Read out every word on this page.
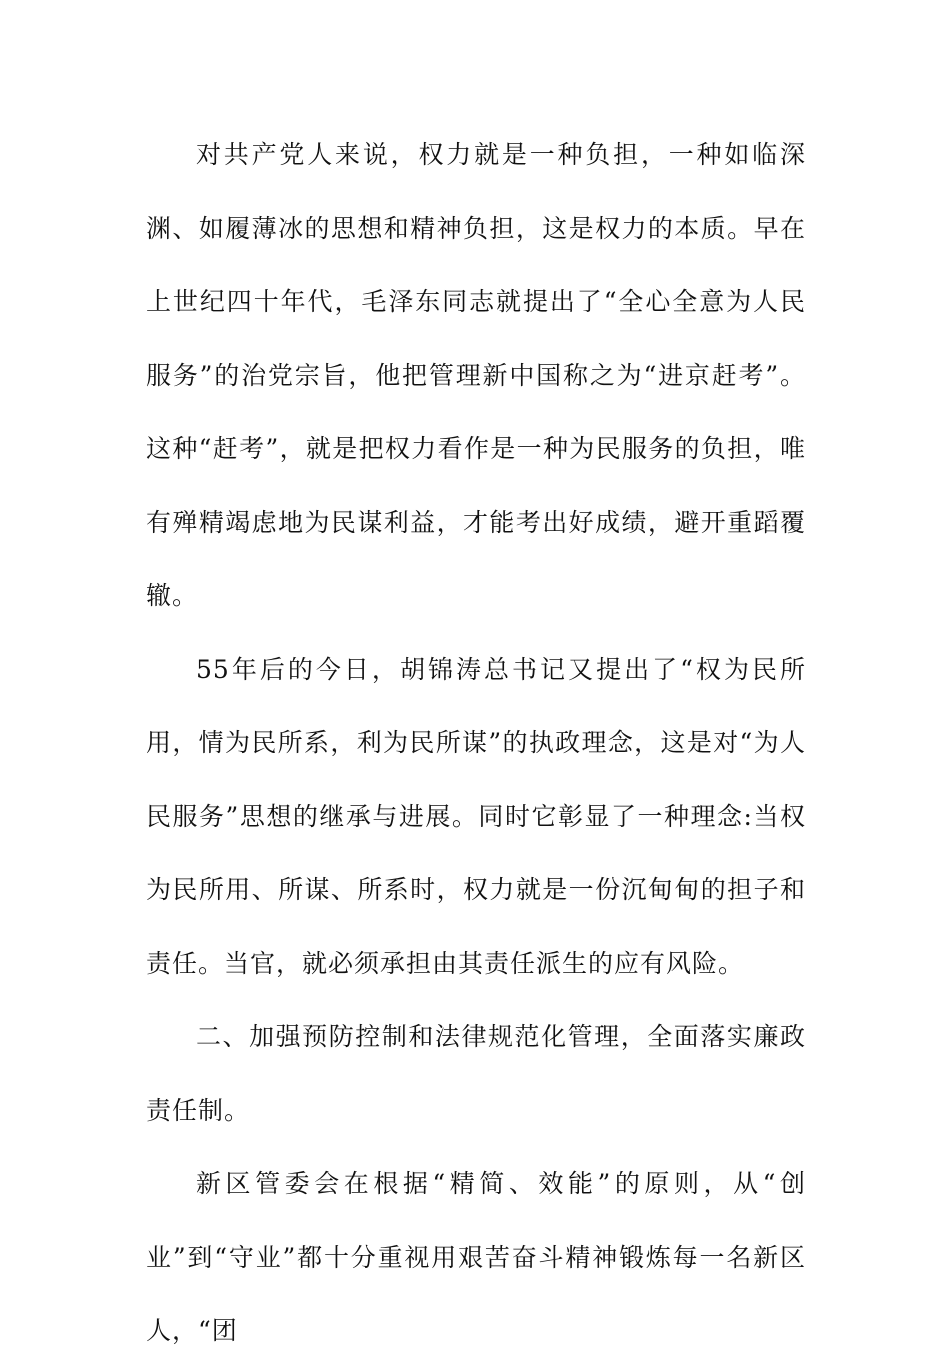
对共产党人来说，权力就是一种负担，一种如临深渊、如履薄冰的思想和精神负担，这是权力的本质。早在上世纪四十年代，毛泽东同志就提出了“全心全意为人民服务”的治党宗旨，他把管理新中国称之为“进京赶考”。这种“赶考”，就是把权力看作是一种为民服务的负担，唯有殚精竭虑地为民谋利益，才能考出好成绩，避开重蹈覆辙。

55年后的今日，胡锦涛总书记又提出了“权为民所用，情为民所系，利为民所谋”的执政理念，这是对“为人民服务”思想的继承与进展。同时它彰显了一种理念:当权为民所用、所谋、所系时，权力就是一份沉甸甸的担子和责任。当官，就必须承担由其责任派生的应有风险。

二、加强预防控制和法律规范化管理，全面落实廉政责任制。

新区管委会在根据“精简、效能”的原则，从“创业”到“守业”都十分重视用艰苦奋斗精神锻炼每一名新区人，“团
